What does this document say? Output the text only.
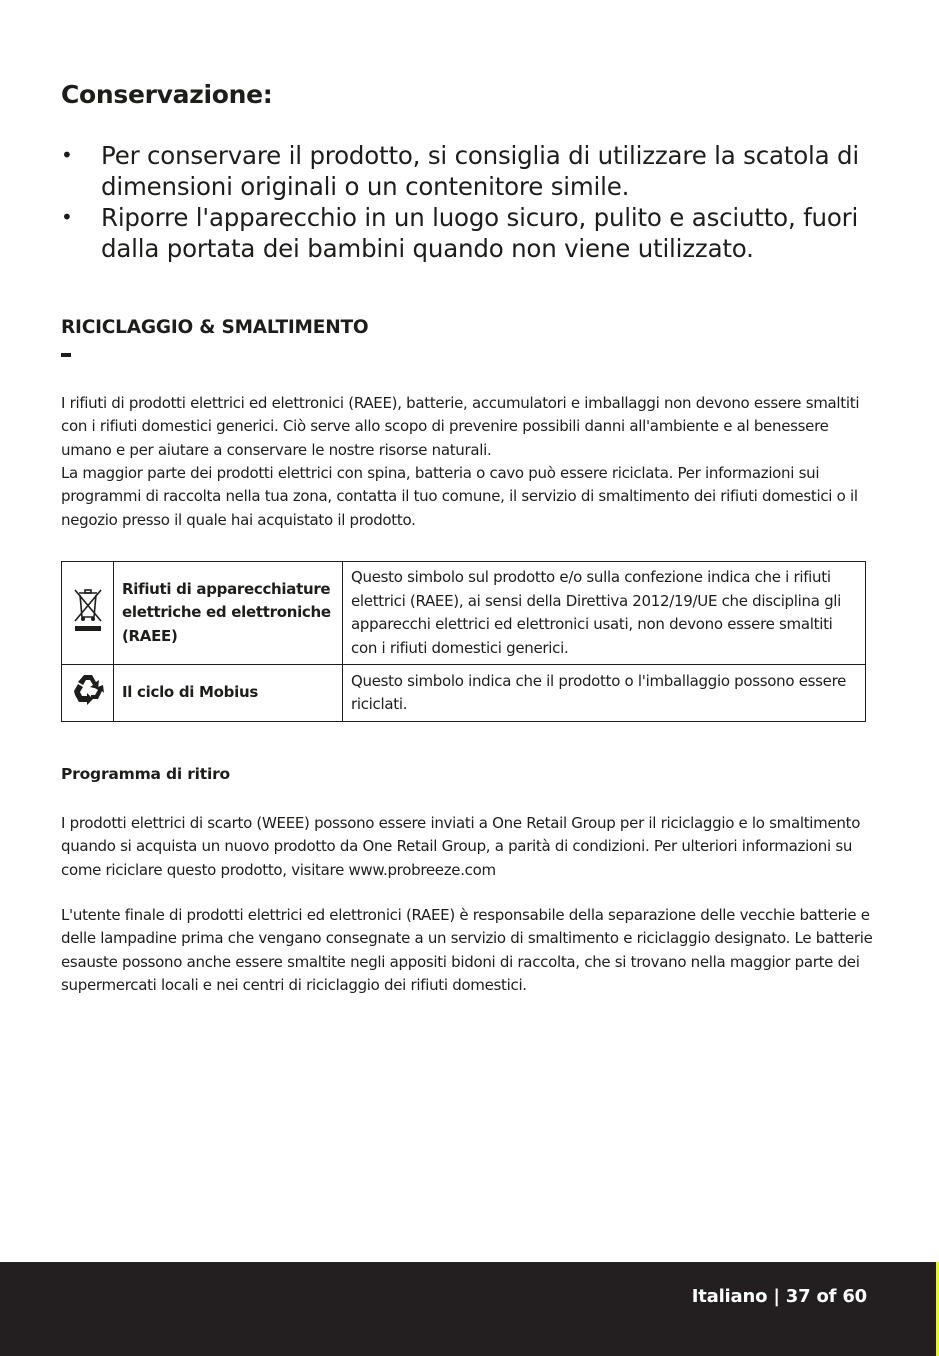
Conservazione:
• Per conservare il prodotto, si consiglia di utilizzare la scatola di dimensioni originali o un contenitore simile.
• Riporre l'apparecchio in un luogo sicuro, pulito e asciutto, fuori dalla portata dei bambini quando non viene utilizzato.
RICICLAGGIO & SMALTIMENTO

I rifiuti di prodotti elettrici ed elettronici (RAEE), batterie, accumulatori e imballaggi non devono essere smaltiti con i rifiuti domestici generici. Ciò serve allo scopo di prevenire possibili danni all'ambiente e al benessere umano e per aiutare a conservare le nostre risorse naturali.

La maggior parte dei prodotti elettrici con spina, batteria o cavo può essere riciclata. Per informazioni sui programmi di raccolta nella tua zona, contatta il tuo comune, il servizio di smaltimento dei rifiuti domestici o il negozio presso il quale hai acquistato il prodotto.

	Rifiuti di apparecchiature elettriche ed elettroniche (RAEE)	Questo simbolo sul prodotto e/o sulla confezione indica che i rifiuti elettrici (RAEE), ai sensi della Direttiva 2012/19/UE che disciplina gli apparecchi elettrici ed elettronici usati, non devono essere smaltiti con i rifiuti domestici generici.
	Il ciclo di Mobius	Questo simbolo indica che il prodotto o l'imballaggio possono essere riciclati.
Programma di ritiro

I prodotti elettrici di scarto (WEEE) possono essere inviati a One Retail Group per il riciclaggio e lo smaltimento quando si acquista un nuovo prodotto da One Retail Group, a parità di condizioni. Per ulteriori informazioni su come riciclare questo prodotto, visitare www.probreeze.com

L'utente finale di prodotti elettrici ed elettronici (RAEE) è responsabile della separazione delle vecchie batterie e delle lampadine prima che vengano consegnate a un servizio di smaltimento e riciclaggio designato. Le batterie esauste possono anche essere smaltite negli appositi bidoni di raccolta, che si trovano nella maggior parte dei supermercati locali e nei centri di riciclaggio dei rifiuti domestici.

Italiano | 37 of 60
